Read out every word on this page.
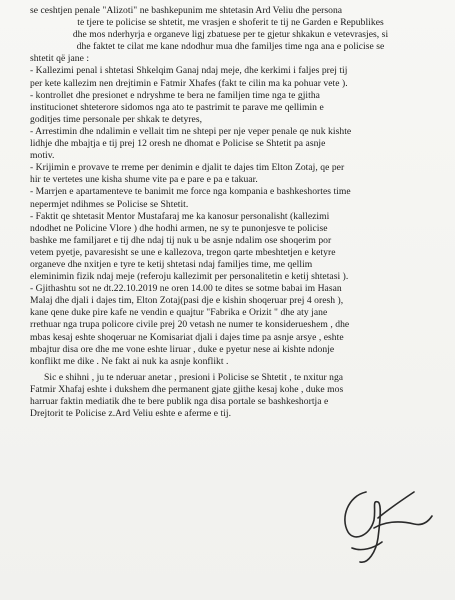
se ceshtjen penale "Alizoti" ne bashkepunim me shtetasin Ard Veliu dhe persona
te tjere te policise se shtetit, me vrasjen e shoferit te tij ne Garden e Republikes
dhe mos nderhyrja e organeve ligj zbatuese per te gjetur shkakun e vetevrasjes, si
dhe faktet te cilat me kane ndodhur mua dhe familjes time nga ana e policise se
shtetit që jane :
- Kallezimi penal i shtetasi Shkelqim Ganaj ndaj meje, dhe kerkimi i faljes prej tij
per kete kallezim nen drejtimin e Fatmir Xhafes (fakt te cilin ma ka pohuar vete ).
- kontrollet dhe presionet e ndryshme te bera ne familjen time nga te gjitha
institucionet shteterore sidomos nga ato te pastrimit te parave me qellimin e
goditjes time personale per shkak te detyres,
- Arrestimin dhe ndalimin e vellait tim ne shtepi per nje veper penale qe nuk kishte
lidhje dhe mbajtja e tij prej 12 oresh ne dhomat e Policise se Shtetit pa asnje
motiv.
- Krijimin e provave te rreme per denimin e djalit te dajes tim Elton Zotaj, qe per
hir te vertetes une kisha shume vite pa e pare e pa e takuar.
- Marrjen e apartamenteve te banimit me force nga kompania e bashkeshortes time
nepermjet ndihmes se Policise se Shtetit.
- Faktit qe shtetasit Mentor Mustafaraj me ka kanosur personalisht (kallezimi
ndodhet ne Policine Vlore ) dhe hodhi armen, ne sy te punonjesve te policise
bashke me familjaret e tij dhe ndaj tij nuk u be asnje ndalim ose shoqerim por
vetem pyetje, pavaresisht se une e kallezova, tregon qarte mbeshtetjen e ketyre
organeve dhe nxitjen e tyre te ketij shtetasi ndaj familjes time, me qellim
eleminimin fizik ndaj meje (referoju kallezimit per personalitetin e ketij shtetasi ).
- Gjithashtu sot ne dt.22.10.2019 ne oren 14.00 te dites se sotme babai im Hasan
Malaj dhe djali i dajes tim, Elton Zotaj(pasi dje e kishin shoqeruar prej 4 oresh ),
kane qene duke pire kafe ne vendin e quajtur "Fabrika e Orizit " dhe aty jane
rrethuar nga trupa policore civile prej 20 vetash ne numer te konsiderueshem , dhe
mbas kesaj eshte shoqeruar ne Komisariat djali i dajes time pa asnje arsye , eshte
mbajtur disa ore dhe me vone eshte liruar , duke e pyetur nese ai kishte ndonje
konflikt me dike . Ne fakt ai nuk ka asnje konflikt .
Sic e shihni , ju te nderuar anetar , presioni i Policise se Shtetit , te nxitur nga
Fatmir Xhafaj eshte i dukshem dhe permanent gjate gjithe kesaj kohe , duke mos
harruar faktin mediatik dhe te bere publik nga disa portale se bashkeshortja e
Drejtorit te Policise z.Ard Veliu eshte e aferme e tij.
